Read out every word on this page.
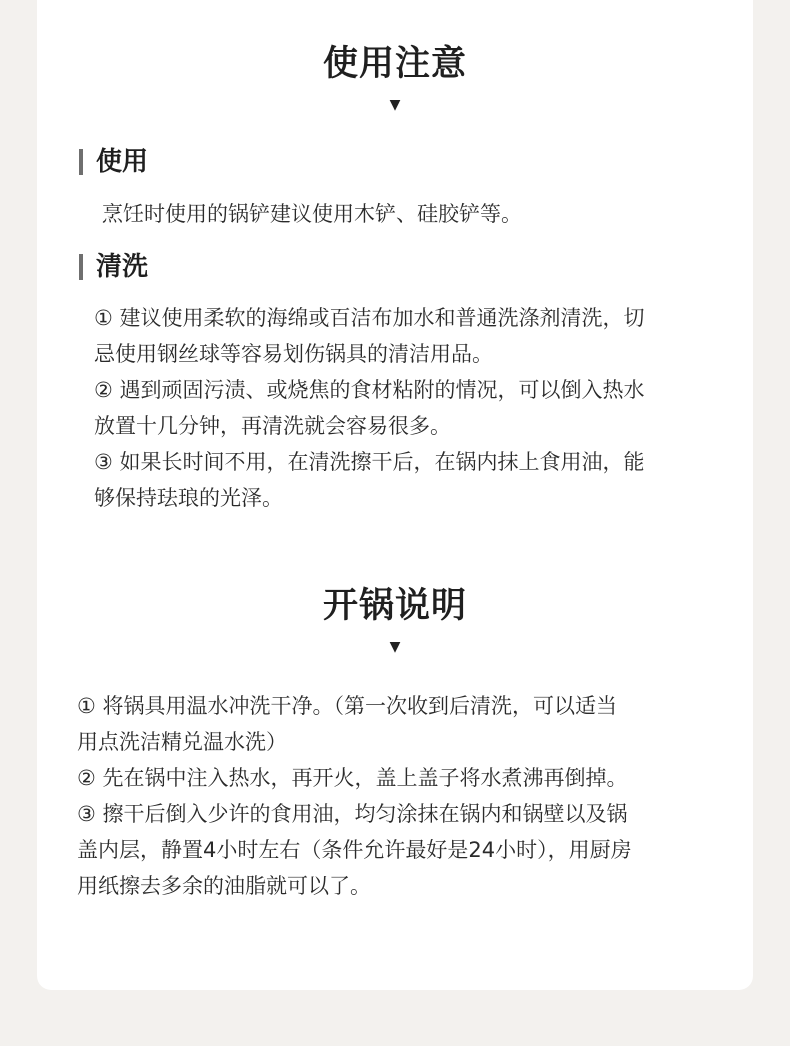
使用注意
▼
使用

烹饪时使用的锅铲建议使用木铲、硅胶铲等。

清洗
① 建议使用柔软的海绵或百洁布加水和普通洗涤剂清洗，切
忌使用钢丝球等容易划伤锅具的清洁用品。
② 遇到顽固污渍、或烧焦的食材粘附的情况，可以倒入热水
放置十几分钟，再清洗就会容易很多。
③ 如果长时间不用，在清洗擦干后，在锅内抹上食用油，能
够保持珐琅的光泽。
开锅说明
▼
① 将锅具用温水冲洗干净。（第一次收到后清洗，可以适当
用点洗洁精兑温水洗）
② 先在锅中注入热水，再开火，盖上盖子将水煮沸再倒掉。
③ 擦干后倒入少许的食用油，均匀涂抹在锅内和锅壁以及锅
盖内层，静置4小时左右（条件允许最好是24小时），用厨房
用纸擦去多余的油脂就可以了。
